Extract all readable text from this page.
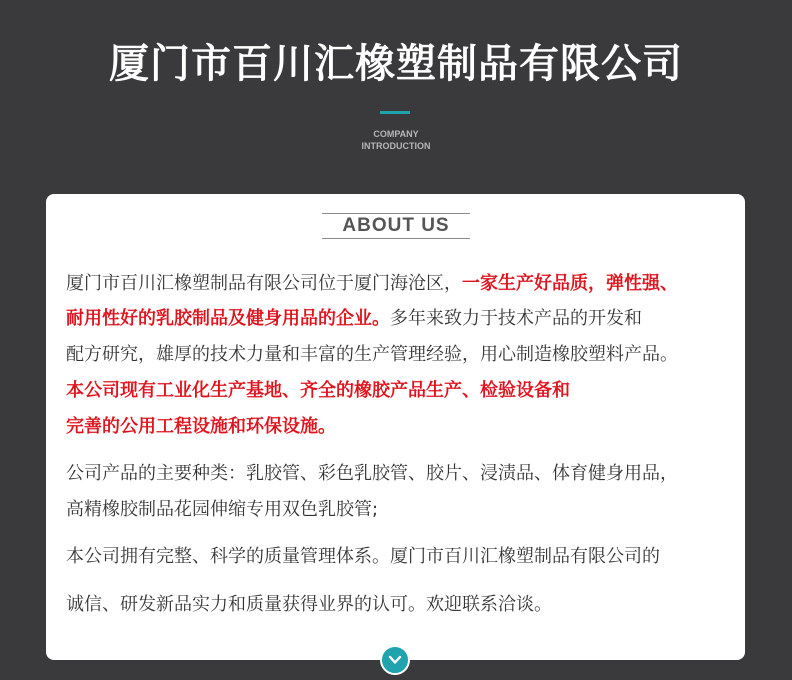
厦门市百川汇橡塑制品有限公司
COMPANY
INTRODUCTION
ABOUT US
厦门市百川汇橡塑制品有限公司位于厦门海沧区，一家生产好品质，弹性强、
耐用性好的乳胶制品及健身用品的企业。多年来致力于技术产品的开发和
配方研究，雄厚的技术力量和丰富的生产管理经验，用心制造橡胶塑料产品。
本公司现有工业化生产基地、齐全的橡胶产品生产、检验设备和
完善的公用工程设施和环保设施。
公司产品的主要种类：乳胶管、彩色乳胶管、胶片、浸渍品、体育健身用品，
高精橡胶制品花园伸缩专用双色乳胶管;
本公司拥有完整、科学的质量管理体系。厦门市百川汇橡塑制品有限公司的
诚信、研发新品实力和质量获得业界的认可。欢迎联系洽谈。
